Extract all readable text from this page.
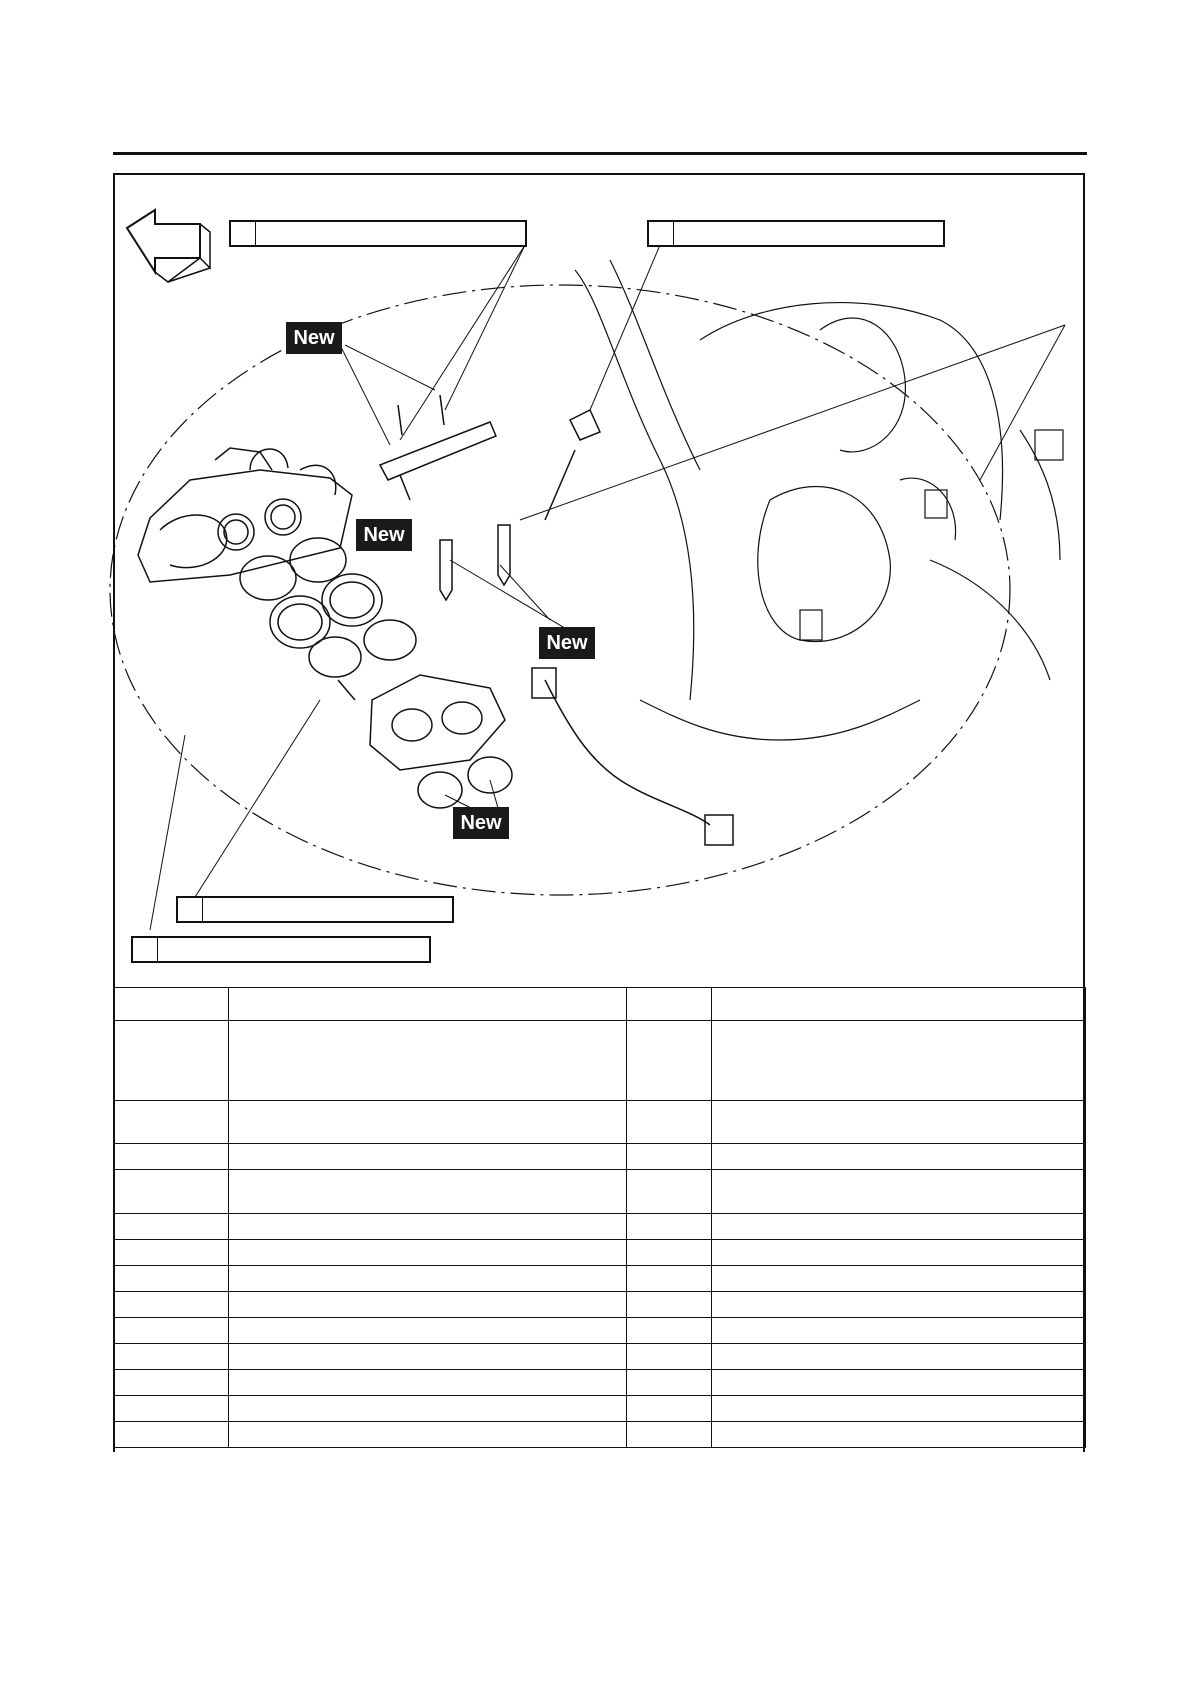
New
New
New
New
